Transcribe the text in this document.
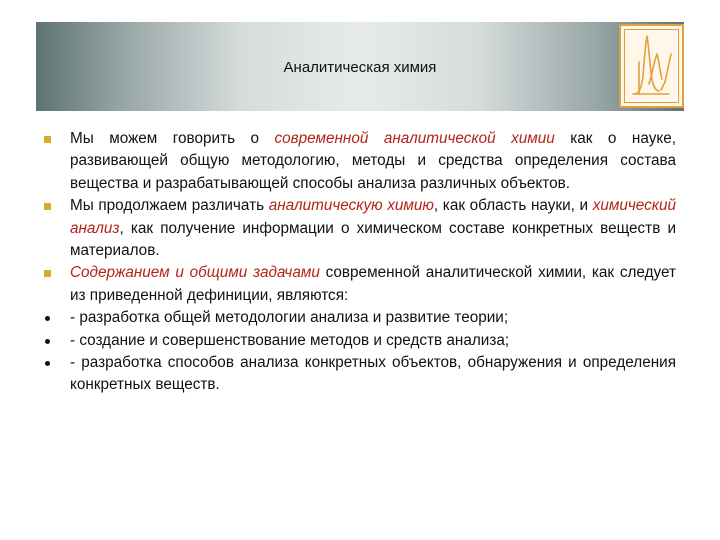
Аналитическая химия
Мы можем говорить о современной аналитической химии как о науке, развивающей общую методологию, методы и средства определения состава вещества и разрабатывающей способы анализа различных объектов.
Мы продолжаем различать аналитическую химию, как область науки, и химический анализ, как получение информации о химическом составе конкретных веществ и материалов.
Содержанием и общими задачами современной аналитической химии, как следует из приведенной дефиниции, являются:
- разработка общей методологии анализа и развитие теории;
- создание и совершенствование методов и средств анализа;
- разработка способов анализа конкретных объектов, обнаружения и определения конкретных веществ.
